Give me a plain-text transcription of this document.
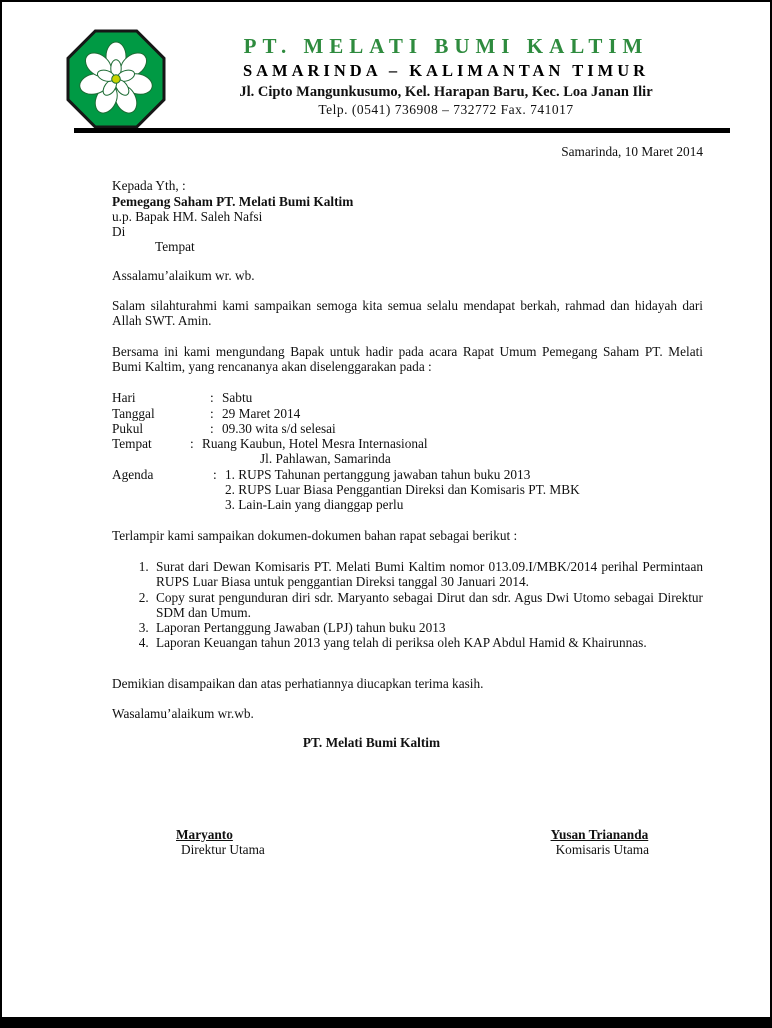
PT. MELATI BUMI KALTIM
SAMARINDA – KALIMANTAN TIMUR
Jl. Cipto Mangunkusumo, Kel. Harapan Baru, Kec. Loa Janan Ilir
Telp. (0541) 736908 – 732772 Fax. 741017
Samarinda, 10 Maret 2014
Kepada Yth, :
Pemegang Saham PT. Melati Bumi Kaltim
u.p. Bapak HM. Saleh Nafsi
Di
Tempat

Assalamu’alaikum wr. wb.

Salam silahturahmi kami sampaikan semoga kita semua selalu mendapat berkah, rahmad dan hidayah dari Allah SWT. Amin.

Bersama ini kami mengundang Bapak untuk hadir pada acara Rapat Umum Pemegang Saham PT. Melati Bumi Kaltim, yang rencananya akan diselenggarakan pada :

Hari	: Sabtu
Tanggal	: 29 Maret 2014
Pukul	: 09.30 wita s/d selesai
Tempat	: Ruang Kaubun, Hotel Mesra Internasional
Jl. Pahlawan, Samarinda
Agenda	: 1. RUPS Tahunan pertanggung jawaban tahun buku 2013
2. RUPS Luar Biasa Penggantian Direksi dan Komisaris PT. MBK
3. Lain-Lain yang dianggap perlu

Terlampir kami sampaikan dokumen-dokumen bahan rapat sebagai berikut :

1. Surat dari Dewan Komisaris PT. Melati Bumi Kaltim nomor 013.09.I/MBK/2014 perihal Permintaan RUPS Luar Biasa untuk penggantian Direksi tanggal 30 Januari 2014.
2. Copy surat pengunduran diri sdr. Maryanto sebagai Dirut dan sdr. Agus Dwi Utomo sebagai Direktur SDM dan Umum.
3. Laporan Pertanggung Jawaban (LPJ) tahun buku 2013
4. Laporan Keuangan tahun 2013 yang telah di periksa oleh KAP Abdul Hamid & Khairunnas.

Demikian disampaikan dan atas perhatiannya diucapkan terima kasih.

Wasalamu’alaikum wr.wb.

PT. Melati Bumi Kaltim

Maryanto
Direktur Utama
Yusan Triananda
Komisaris Utama
